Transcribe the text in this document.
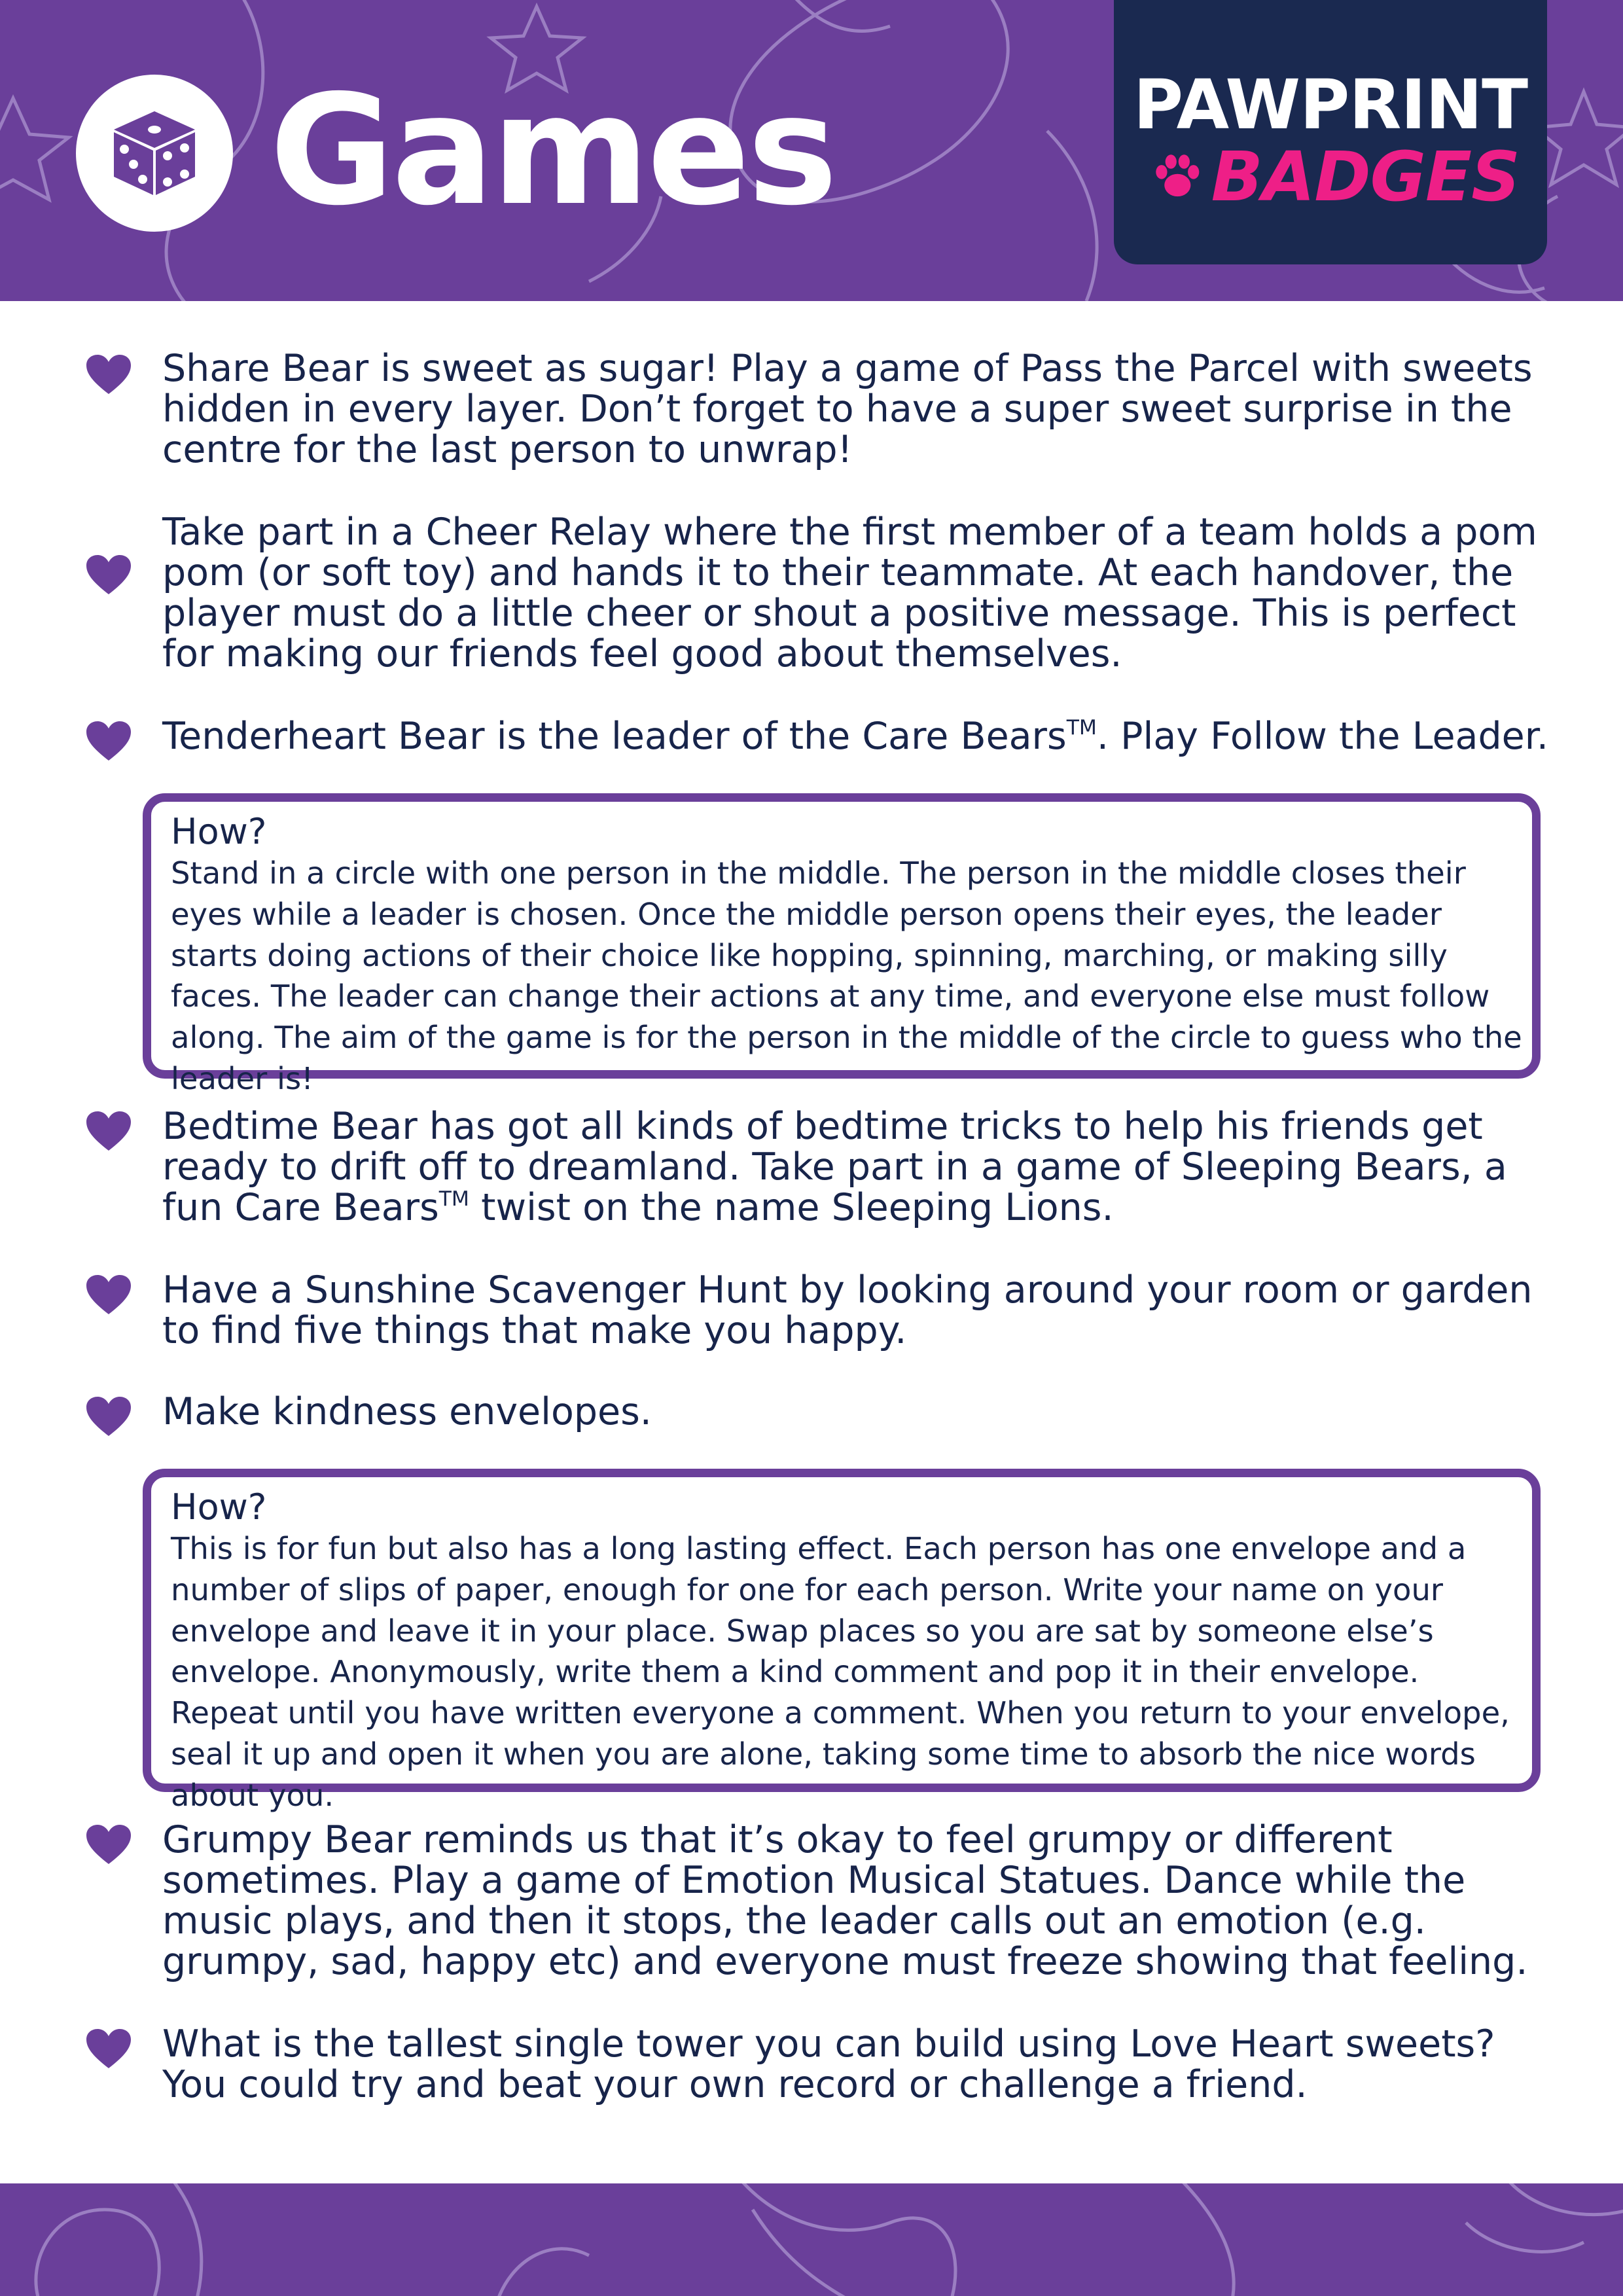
Games	PAWPRINT
BADGES
Share Bear is sweet as sugar! Play a game of Pass the Parcel with sweets hidden in every layer. Don’t forget to have a super sweet surprise in the centre for the last person to unwrap!
Take part in a Cheer Relay where the first member of a team holds a pom pom (or soft toy) and hands it to their teammate. At each handover, the player must do a little cheer or shout a positive message. This is perfect for making our friends feel good about themselves.
Tenderheart Bear is the leader of the Care Bears™. Play Follow the Leader.
How?
Stand in a circle with one person in the middle. The person in the middle closes their eyes while a leader is chosen. Once the middle person opens their eyes, the leader starts doing actions of their choice like hopping, spinning, marching, or making silly faces. The leader can change their actions at any time, and everyone else must follow along. The aim of the game is for the person in the middle of the circle to guess who the leader is!
Bedtime Bear has got all kinds of bedtime tricks to help his friends get ready to drift off to dreamland. Take part in a game of Sleeping Bears, a fun Care Bears™ twist on the name Sleeping Lions.
Have a Sunshine Scavenger Hunt by looking around your room or garden to find five things that make you happy.
Make kindness envelopes.
How?
This is for fun but also has a long lasting effect. Each person has one envelope and a number of slips of paper, enough for one for each person. Write your name on your envelope and leave it in your place. Swap places so you are sat by someone else’s envelope. Anonymously, write them a kind comment and pop it in their envelope. Repeat until you have written everyone a comment. When you return to your envelope, seal it up and open it when you are alone, taking some time to absorb the nice words about you.
Grumpy Bear reminds us that it’s okay to feel grumpy or different sometimes. Play a game of Emotion Musical Statues. Dance while the music plays, and then it stops, the leader calls out an emotion (e.g. grumpy, sad, happy etc) and everyone must freeze showing that feeling.
What is the tallest single tower you can build using Love Heart sweets? You could try and beat your own record or challenge a friend.
